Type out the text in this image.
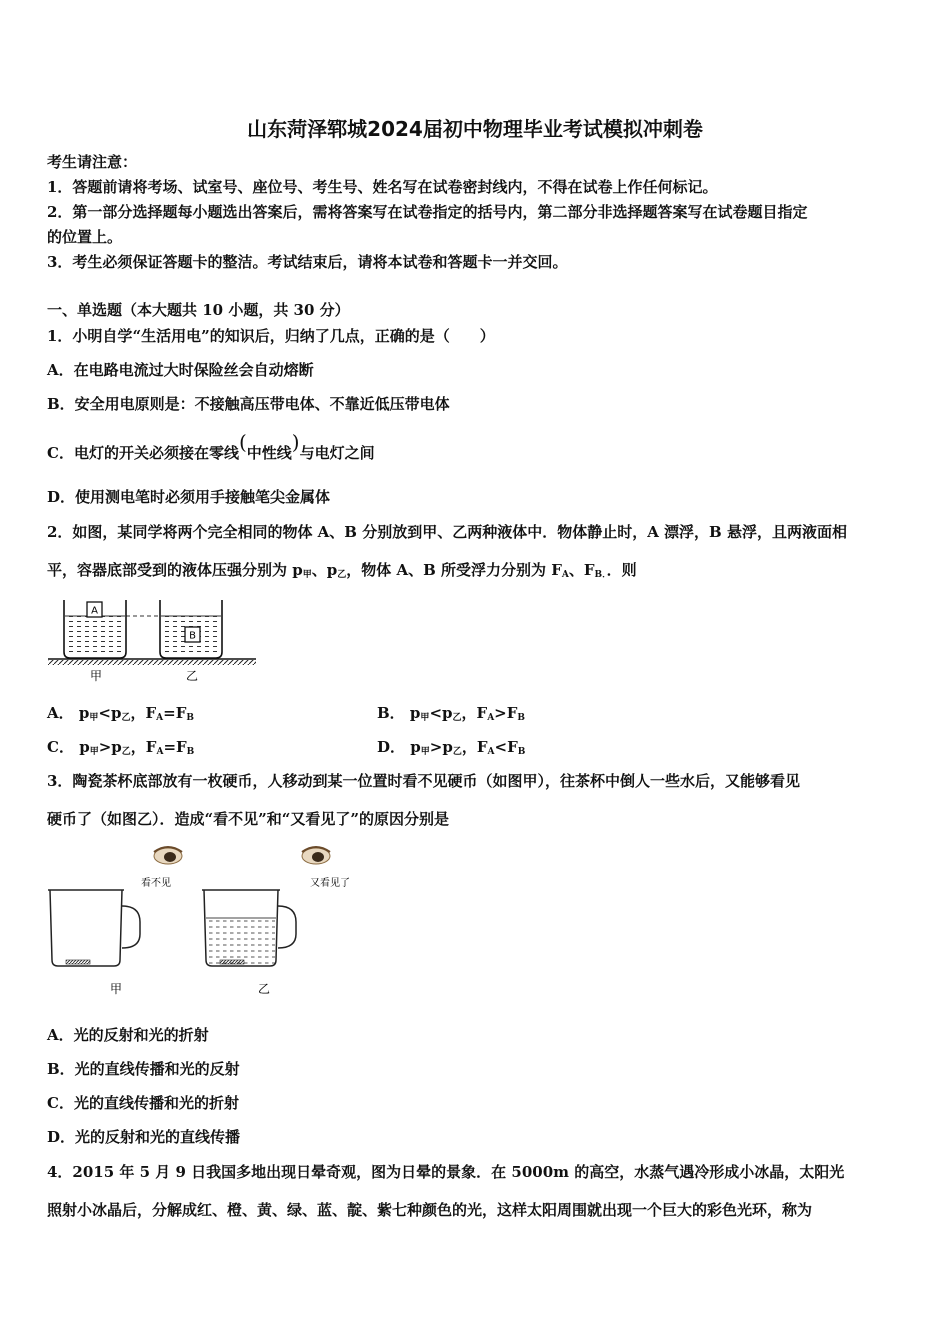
山东菏泽郓城2024届初中物理毕业考试模拟冲刺卷
考生请注意：
1．答题前请将考场、试室号、座位号、考生号、姓名写在试卷密封线内，不得在试卷上作任何标记。
2．第一部分选择题每小题选出答案后，需将答案写在试卷指定的括号内，第二部分非选择题答案写在试卷题目指定
的位置上。
3．考生必须保证答题卡的整洁。考试结束后，请将本试卷和答题卡一并交回。
一、单选题（本大题共 10 小题，共 30 分）
1．小明自学“生活用电”的知识后，归纳了几点，正确的是（　　）
A．在电路电流过大时保险丝会自动熔断
B．安全用电原则是：不接触高压带电体、不靠近低压带电体
C．电灯的开关必须接在零线(中性线)与电灯之间
D．使用测电笔时必须用手接触笔尖金属体
2．如图，某同学将两个完全相同的物体 A、B 分别放到甲、乙两种液体中．物体静止时，A 漂浮，B 悬浮，且两液面相
平，容器底部受到的液体压强分别为 $p_甲$、$p_乙$，物体 A、B 所受浮力分别为 $F_A$、$F_{B.}$．则
A
B
甲	乙
A． $p_甲<p_乙$，$F_A=F_B$	B． $p_甲<p_乙$，$F_A>F_B$
C． $p_甲>p_乙$，$F_A=F_B$	D． $p_甲>p_乙$，$F_A<F_B$
3．陶瓷茶杯底部放有一枚硬币，人移动到某一位置时看不见硬币（如图甲），往茶杯中倒人一些水后，又能够看见
硬币了（如图乙）．造成“看不见”和“又看见了”的原因分别是
看不见	又看见了
甲	乙
A．光的反射和光的折射
B．光的直线传播和光的反射
C．光的直线传播和光的折射
D．光的反射和光的直线传播
4．2015 年 5 月 9 日我国多地出现日晕奇观，图为日晕的景象．在 5000m 的高空，水蒸气遇冷形成小冰晶，太阳光
照射小冰晶后，分解成红、橙、黄、绿、蓝、靛、紫七种颜色的光，这样太阳周围就出现一个巨大的彩色光环，称为
